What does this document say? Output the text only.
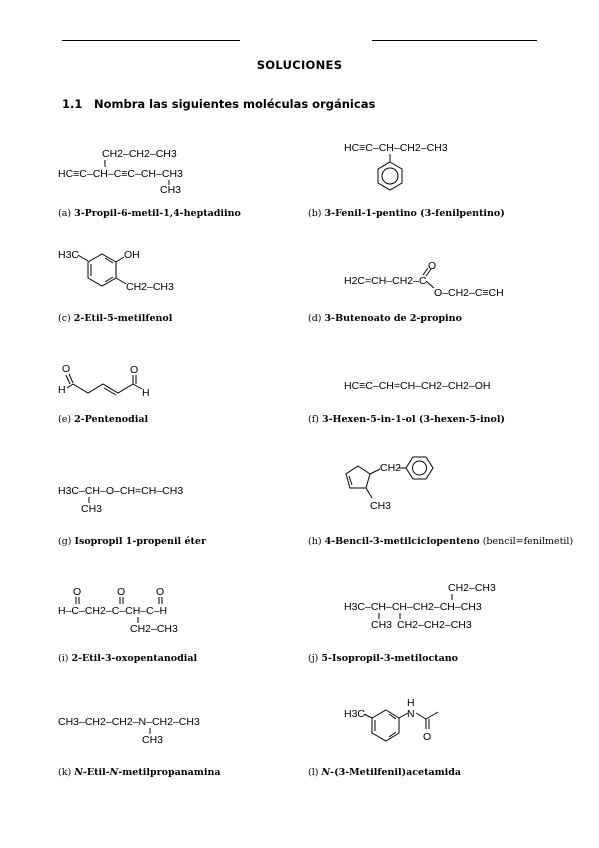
SOLUCIONES
1.1 Nombra las siguientes moléculas orgánicas
CH2–CH2–CH3
HC≡C–CH–C≡C–CH–CH3
CH3
(a) 3-Propil-6-metil-1,4-heptadiino
HC≡C–CH–CH2–CH3
(b) 3-Fenil-1-pentino (3-fenilpentino)
H3C	OH
CH2–CH3
(c) 2-Etil-5-metilfenol
H2C=CH–CH2–C
O
O–CH2–C≡CH
(d) 3-Butenoato de 2-propino
O
H
O
H
(e) 2-Pentenodial
HC≡C–CH=CH–CH2–CH2–OH
(f) 3-Hexen-5-in-1-ol (3-hexen-5-inol)
H3C–CH–O–CH=CH–CH3
CH3
(g) Isopropil 1-propenil éter
CH2
CH3
(h) 4-Bencil-3-metilciclopenteno (bencil=fenilmetil)
O	O	O
H–C–CH2–C–CH–C–H
CH2–CH3
(i) 2-Etil-3-oxopentanodial
CH2–CH3
H3C–CH–CH–CH2–CH–CH3
CH3 CH2–CH2–CH3
(j) 5-Isopropil-3-metiloctano
CH3–CH2–CH2–N–CH2–CH3
CH3
(k) N-Etil-N-metilpropanamina
H3C
H
N
O
(l) N-(3-Metilfenil)acetamida
